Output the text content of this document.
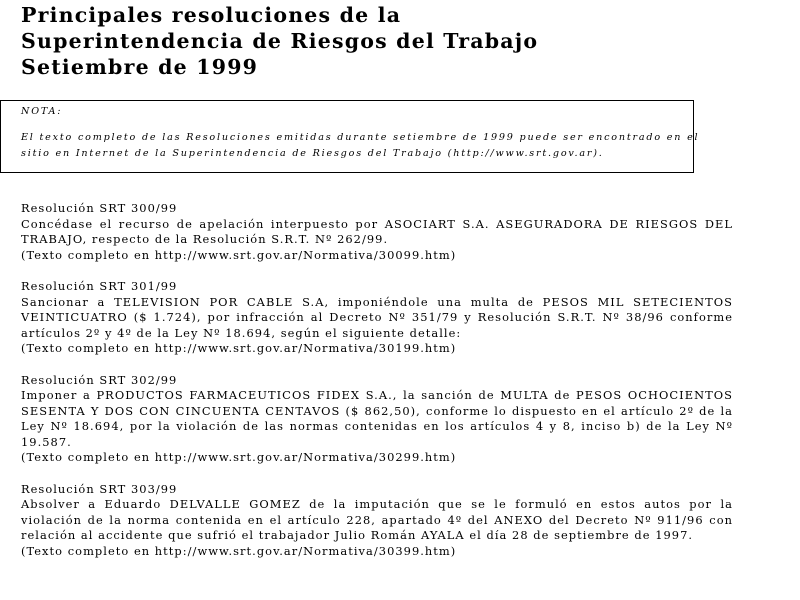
Principales resoluciones de la
Superintendencia de Riesgos del Trabajo
Setiembre de 1999

NOTA:

El texto completo de las Resoluciones emitidas durante setiembre de 1999 puede ser encontrado en el sitio en Internet de la Superintendencia de Riesgos del Trabajo (http://www.srt.gov.ar).

Resolución SRT 300/99

Concédase el recurso de apelación interpuesto por ASOCIART S.A. ASEGURADORA DE RIESGOS DEL TRABAJO, respecto de la Resolución S.R.T. Nº 262/99.

(Texto completo en http://www.srt.gov.ar/Normativa/30099.htm)

Resolución SRT 301/99

Sancionar a TELEVISION POR CABLE S.A, imponiéndole una multa de PESOS MIL SETECIENTOS VEINTICUATRO ($ 1.724), por infracción al Decreto Nº 351/79 y Resolución S.R.T. Nº 38/96 conforme artículos 2º y 4º de la Ley Nº 18.694, según el siguiente detalle:

(Texto completo en http://www.srt.gov.ar/Normativa/30199.htm)

Resolución SRT 302/99

Imponer a PRODUCTOS FARMACEUTICOS FIDEX S.A., la sanción de MULTA de PESOS OCHOCIENTOS SESENTA Y DOS CON CINCUENTA CENTAVOS ($ 862,50), conforme lo dispuesto en el artículo 2º de la Ley Nº 18.694, por la violación de las normas contenidas en los artículos 4 y 8, inciso b) de la Ley Nº 19.587.

(Texto completo en http://www.srt.gov.ar/Normativa/30299.htm)

Resolución SRT 303/99

Absolver a Eduardo DELVALLE GOMEZ de la imputación que se le formuló en estos autos por la violación de la norma contenida en el artículo 228, apartado 4º del ANEXO del Decreto Nº 911/96 con relación al accidente que sufrió el trabajador Julio Román AYALA el día 28 de septiembre de 1997.

(Texto completo en http://www.srt.gov.ar/Normativa/30399.htm)
